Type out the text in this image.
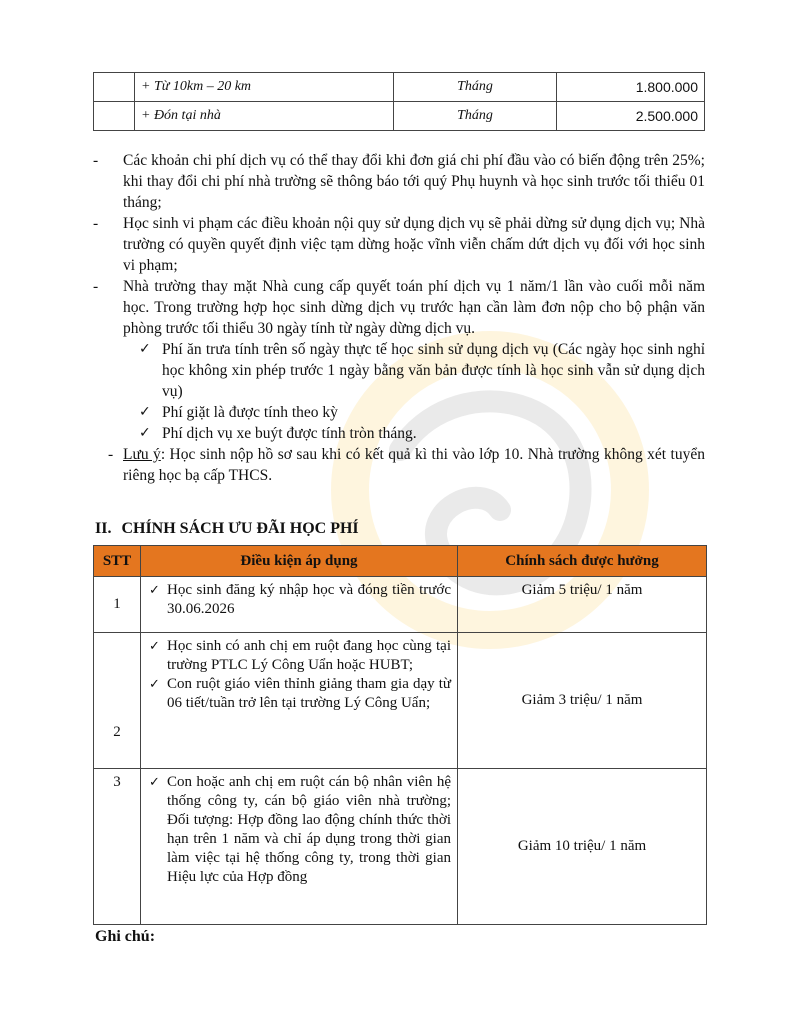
	+ Từ 10km – 20 km	Tháng	1.800.000
	+ Đón tại nhà	Tháng	2.500.000
- Các khoản chi phí dịch vụ có thể thay đổi khi đơn giá chi phí đầu vào có biến động trên 25%; khi thay đổi chi phí nhà trường sẽ thông báo tới quý Phụ huynh và học sinh trước tối thiểu 01 tháng;
- Học sinh vi phạm các điều khoản nội quy sử dụng dịch vụ sẽ phải dừng sử dụng dịch vụ; Nhà trường có quyền quyết định việc tạm dừng hoặc vĩnh viễn chấm dứt dịch vụ đối với học sinh vi phạm;
- Nhà trường thay mặt Nhà cung cấp quyết toán phí dịch vụ 1 năm/1 lần vào cuối mỗi năm học. Trong trường hợp học sinh dừng dịch vụ trước hạn cần làm đơn nộp cho bộ phận văn phòng trước tối thiểu 30 ngày tính từ ngày dừng dịch vụ.
✓ Phí ăn trưa tính trên số ngày thực tế học sinh sử dụng dịch vụ (Các ngày học sinh nghỉ học không xin phép trước 1 ngày bằng văn bản được tính là học sinh vẫn sử dụng dịch vụ)
✓ Phí giặt là được tính theo kỳ
✓ Phí dịch vụ xe buýt được tính tròn tháng.
- Lưu ý: Học sinh nộp hồ sơ sau khi có kết quả kì thi vào lớp 10. Nhà trường không xét tuyển riêng học bạ cấp THCS.
II. CHÍNH SÁCH ƯU ĐÃI HỌC PHÍ
STT	Điều kiện áp dụng	Chính sách được hưởng
1	✓ Học sinh đăng ký nhập học và đóng tiền trước 30.06.2026	Giảm 5 triệu/ 1 năm
2	✓ Học sinh có anh chị em ruột đang học cùng tại trường PTLC Lý Công Uẩn hoặc HUBT;
✓ Con ruột giáo viên thỉnh giảng tham gia dạy từ 06 tiết/tuần trở lên tại trường Lý Công Uẩn;	Giảm 3 triệu/ 1 năm
3	✓ Con hoặc anh chị em ruột cán bộ nhân viên hệ thống công ty, cán bộ giáo viên nhà trường; Đối tượng: Hợp đồng lao động chính thức thời hạn trên 1 năm và chỉ áp dụng trong thời gian làm việc tại hệ thống công ty, trong thời gian Hiệu lực của Hợp đồng	Giảm 10 triệu/ 1 năm
Ghi chú:
